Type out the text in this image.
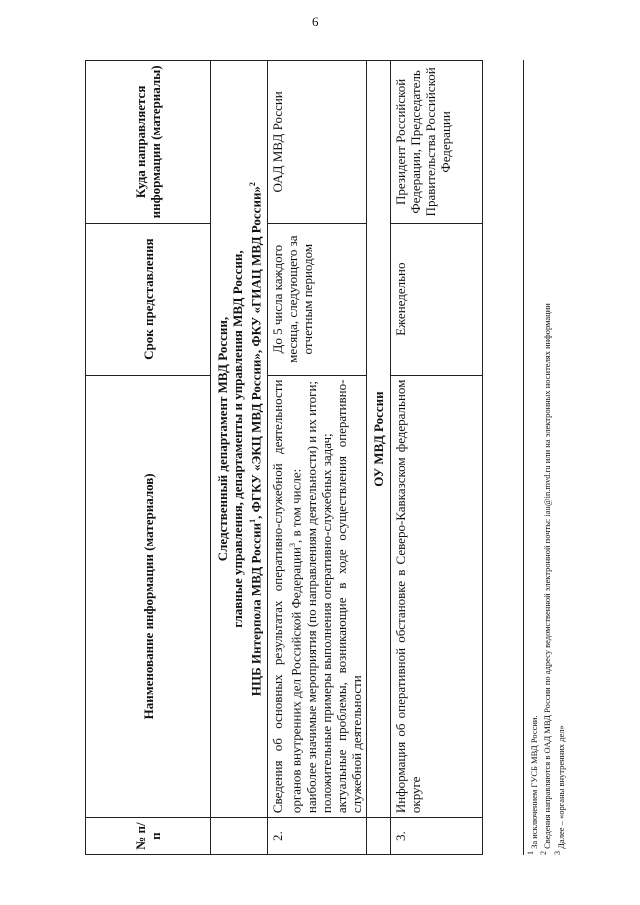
6
№ п/п	Наименование информации (материалов)	Срок представления	Куда направляется информации (материалы)

	Следственный департамент МВД России, главные управления, департаменты и управления МВД России, НЦБ Интерпола МВД России$^1$, ФГКУ «ЭКЦ МВД России», ФКУ «ГИАЦ МВД России»$^2$

2.	Сведения об основных результатах оперативно-служебной деятельности органов внутренних дел Российской Федерации$^3$, в том числе: наиболее значимые мероприятия (по направлениям деятельности) и их итоги; положительные примеры выполнения оперативно-служебных задач; актуальные проблемы, возникающие в ходе осуществления оперативно-служебной деятельности	До 5 числа каждого месяца, следующего за отчетным периодом	ОАД МВД России
	ОУ МВД России		
3.	Информация об оперативной обстановке в Северо-Кавказском федеральном округе	Еженедельно	Президент Российской Федерации, Председатель Правительства Российской Федерации
$^1$ За исключением ГУСБ МВД России.
$^2$ Сведения направляются в ОАД МВД России по адресу ведомственной электронной почты: iau@in.mvd.ru или на электронных носителях информации
$^3$ Далее – «органы внутренних дел»
